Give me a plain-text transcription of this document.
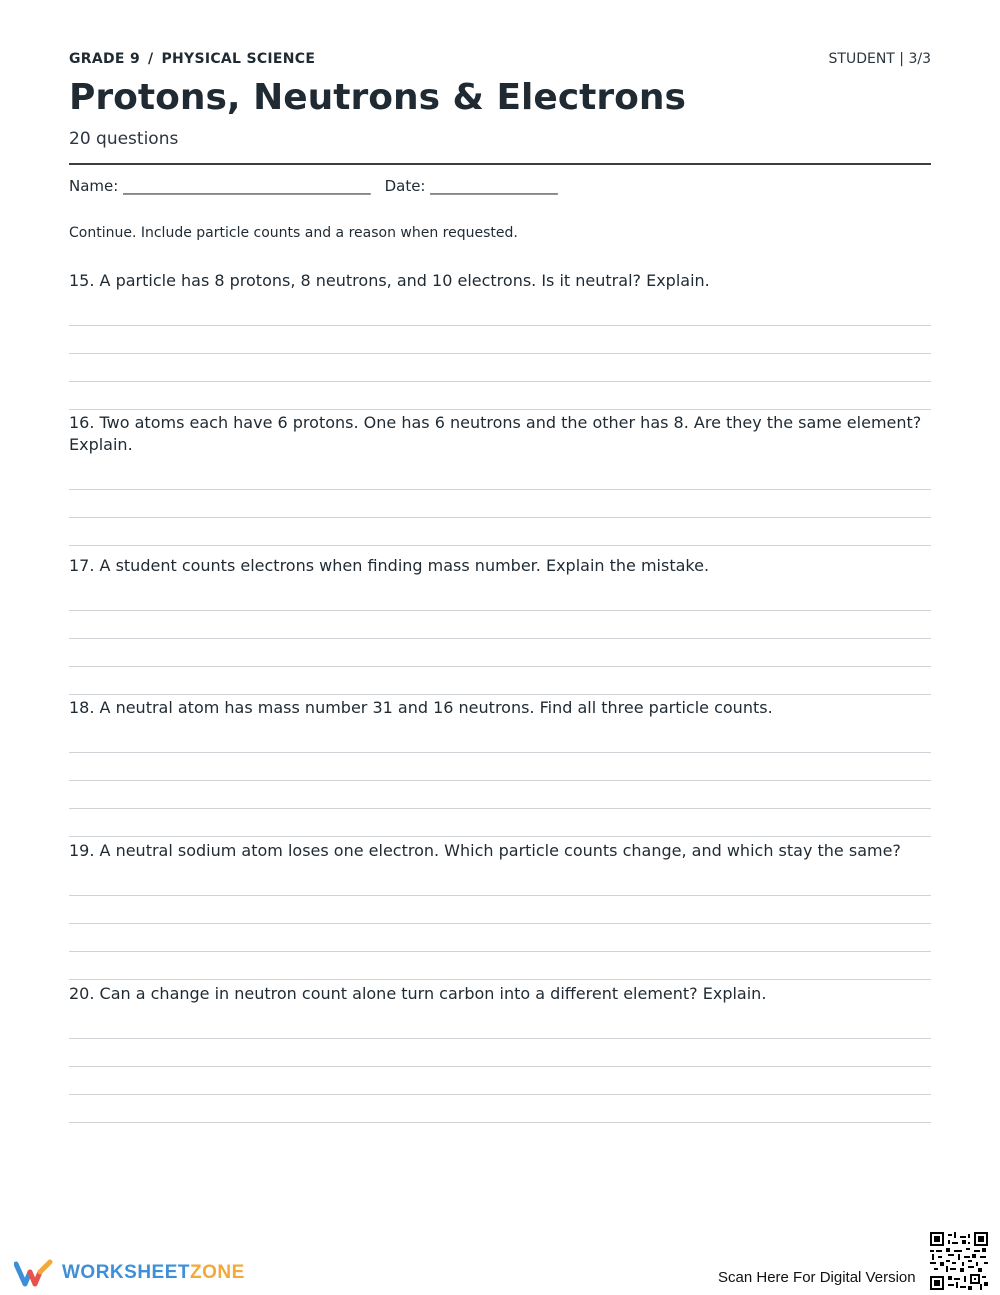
GRADE 9 / PHYSICAL SCIENCE	STUDENT | 3/3
Protons, Neutrons & Electrons
20 questions
Name: _________________________________ Date: _________________
Continue. Include particle counts and a reason when requested.
15. A particle has 8 protons, 8 neutrons, and 10 electrons. Is it neutral? Explain.
16. Two atoms each have 6 protons. One has 6 neutrons and the other has 8. Are they the same element? Explain.
17. A student counts electrons when finding mass number. Explain the mistake.
18. A neutral atom has mass number 31 and 16 neutrons. Find all three particle counts.
19. A neutral sodium atom loses one electron. Which particle counts change, and which stay the same?
20. Can a change in neutron count alone turn carbon into a different element? Explain.
WORKSHEETZONE	Scan Here For Digital Version
